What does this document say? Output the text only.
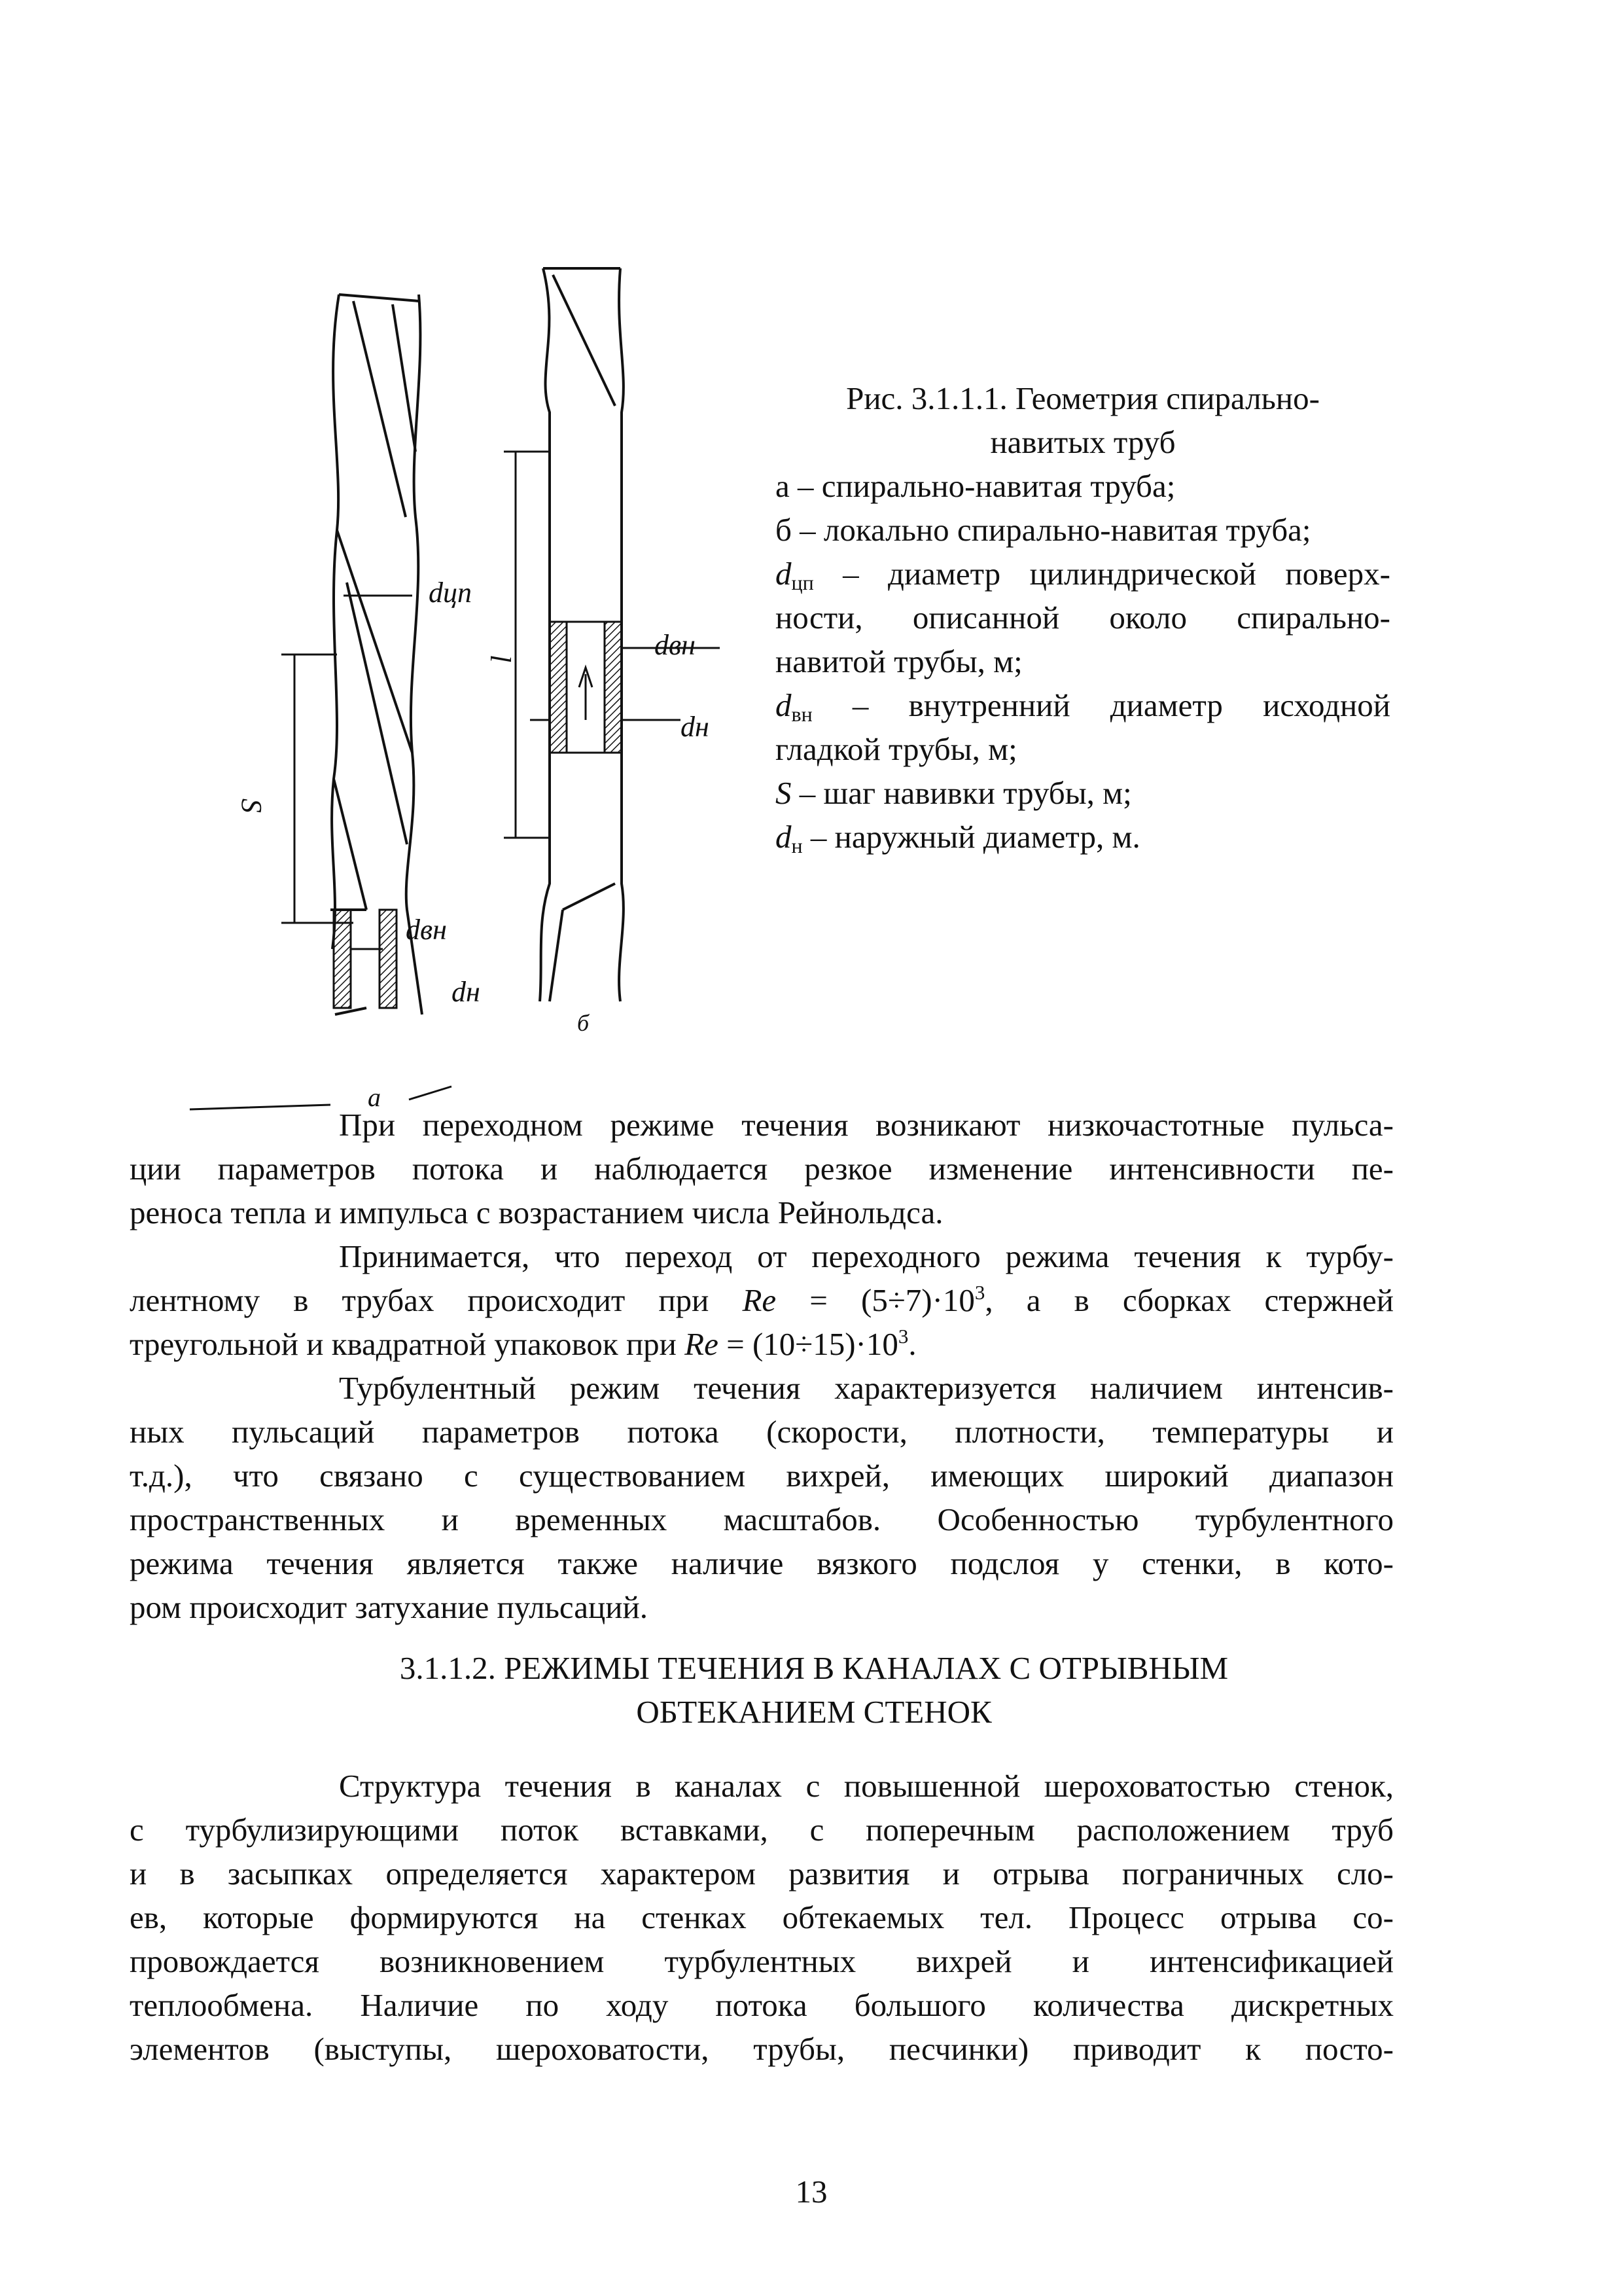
dцп
S
dвн
dн
a
l	dвн
dн
б
Рис. 3.1.1.1. Геометрия спирально-
навитых труб
а – спирально-навитая труба;
б – локально спирально-навитая труба;
$d_{цп}$ – диаметр цилиндрической поверх-
ности, описанной около спирально-
навитой трубы, м;
$d_{вн}$ – внутренний диаметр исходной
гладкой трубы, м;
S – шаг навивки трубы, м;
$d_н$ – наружный диаметр, м.

При переходном режиме течения возникают низкочастотные пульса-
ции параметров потока и наблюдается резкое изменение интенсивности пе-
реноса тепла и импульса с возрастанием числа Рейнольдса.

Принимается, что переход от переходного режима течения к турбу-
лентному в трубах происходит при $Re = (5\div 7)\cdot 10^3$, а в сборках стержней
треугольной и квадратной упаковок при $Re = (10\div 15)\cdot 10^3$.

Турбулентный режим течения характеризуется наличием интенсив-
ных пульсаций параметров потока (скорости, плотности, температуры и
т.д.), что связано с существованием вихрей, имеющих широкий диапазон
пространственных и временных масштабов. Особенностью турбулентного
режима течения является также наличие вязкого подслоя у стенки, в кото-
ром происходит затухание пульсаций.

3.1.1.2. РЕЖИМЫ ТЕЧЕНИЯ В КАНАЛАХ С ОТРЫВНЫМ
ОБТЕКАНИЕМ СТЕНОК

Структура течения в каналах с повышенной шероховатостью стенок,
с турбулизирующими поток вставками, с поперечным расположением труб
и в засыпках определяется характером развития и отрыва пограничных сло-
ев, которые формируются на стенках обтекаемых тел. Процесс отрыва со-
провождается возникновением турбулентных вихрей и интенсификацией
теплообмена. Наличие по ходу потока большого количества дискретных
элементов (выступы, шероховатости, трубы, песчинки) приводит к посто-

13
